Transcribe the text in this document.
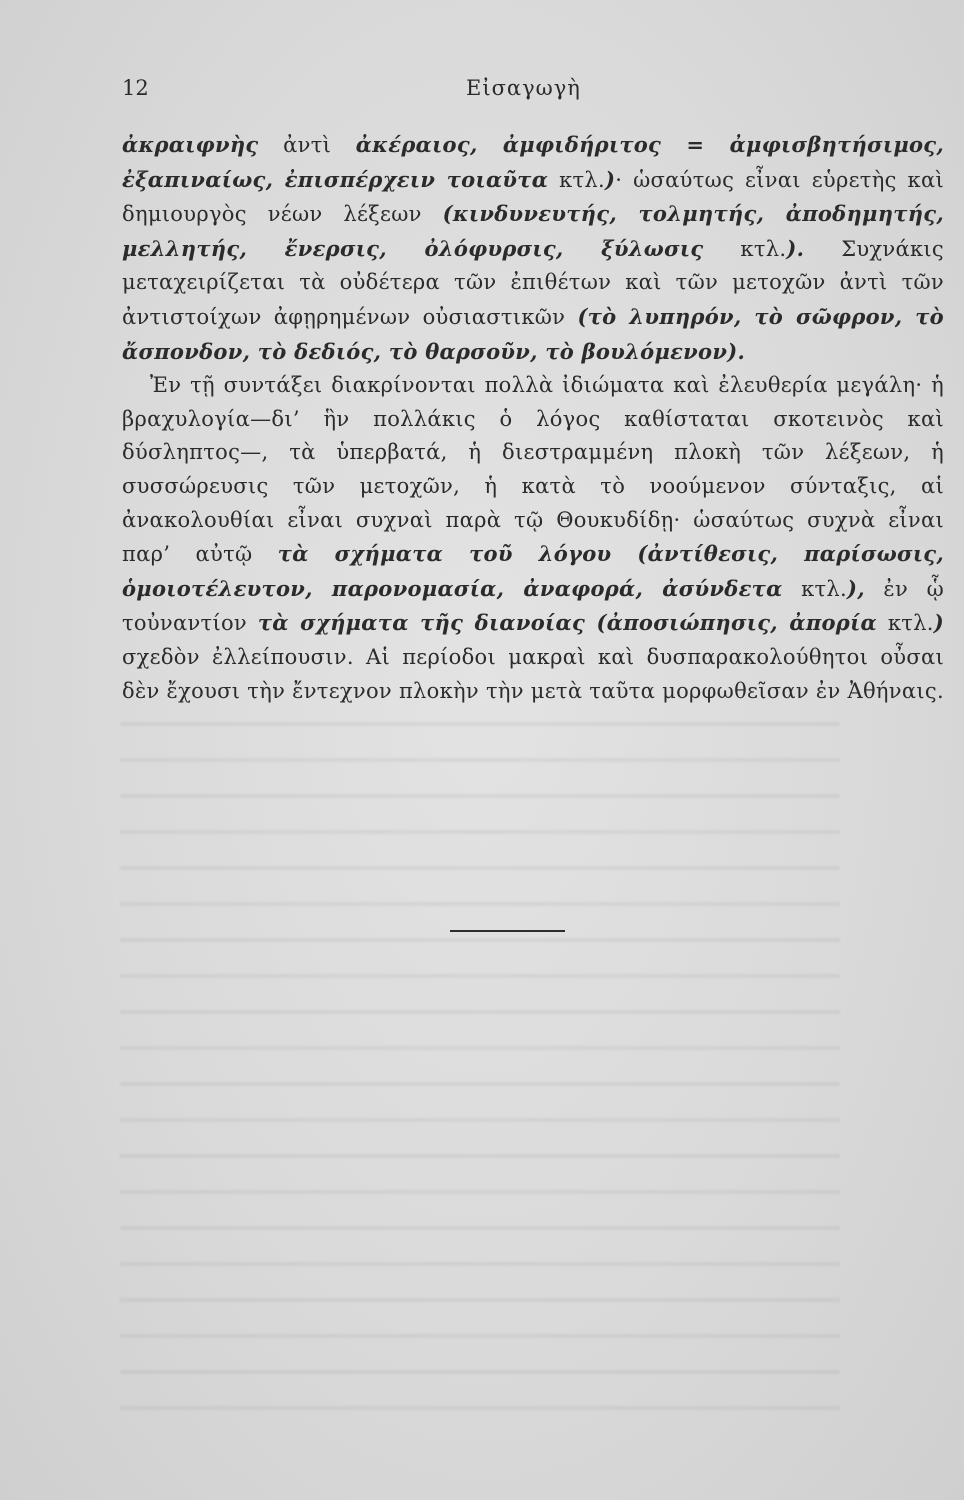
12	Εἰσαγωγὴ

ἀκραιφνὴς ἀντὶ ἀκέραιος, ἀμφιδήριτος = ἀμφισβητήσιμος, ἐξαπιναίως, ἐπισπέρχειν τοιαῦτα κτλ.)· ὡσαύτως εἶναι εὑρετὴς καὶ δημιουργὸς νέων λέξεων (κινδυνευτής, τολμητής, ἀποδημητής, μελλητής, ἔνερσις, ὀλόφυρσις, ξύλωσις κτλ.). Συχνάκις μεταχειρίζεται τὰ οὐδέτερα τῶν ἐπιθέτων καὶ τῶν μετοχῶν ἀντὶ τῶν ἀντιστοίχων ἀφῃρημένων οὐσιαστικῶν (τὸ λυπηρόν, τὸ σῶφρον, τὸ ἄσπονδον, τὸ δεδιός, τὸ θαρσοῦν, τὸ βουλόμενον).

Ἐν τῇ συντάξει διακρίνονται πολλὰ ἰδιώματα καὶ ἐλευθερία μεγάλη· ἡ βραχυλογία—δι’ ἣν πολλάκις ὁ λόγος καθίσταται σκοτεινὸς καὶ δύσληπτος—, τὰ ὑπερβατά, ἡ διεστραμμένη πλοκὴ τῶν λέξεων, ἡ συσσώρευσις τῶν μετοχῶν, ἡ κατὰ τὸ νοούμενον σύνταξις, αἱ ἀνακολουθίαι εἶναι συχναὶ παρὰ τῷ Θουκυδίδῃ· ὡσαύτως συχνὰ εἶναι παρ’ αὐτῷ τὰ σχήματα τοῦ λόγου (ἀντίθεσις, παρίσωσις, ὁμοιοτέλευτον, παρονομασία, ἀναφορά, ἀσύνδετα κτλ.), ἐν ᾧ τοὐναντίον τὰ σχήματα τῆς διανοίας (ἀποσιώπησις, ἀπορία κτλ.) σχεδὸν ἐλλείπουσιν. Αἱ περίοδοι μακραὶ καὶ δυσπαρακολούθητοι οὖσαι δὲν ἔχουσι τὴν ἔντεχνον πλοκὴν τὴν μετὰ ταῦτα μορφωθεῖσαν ἐν Ἀθήναις.
